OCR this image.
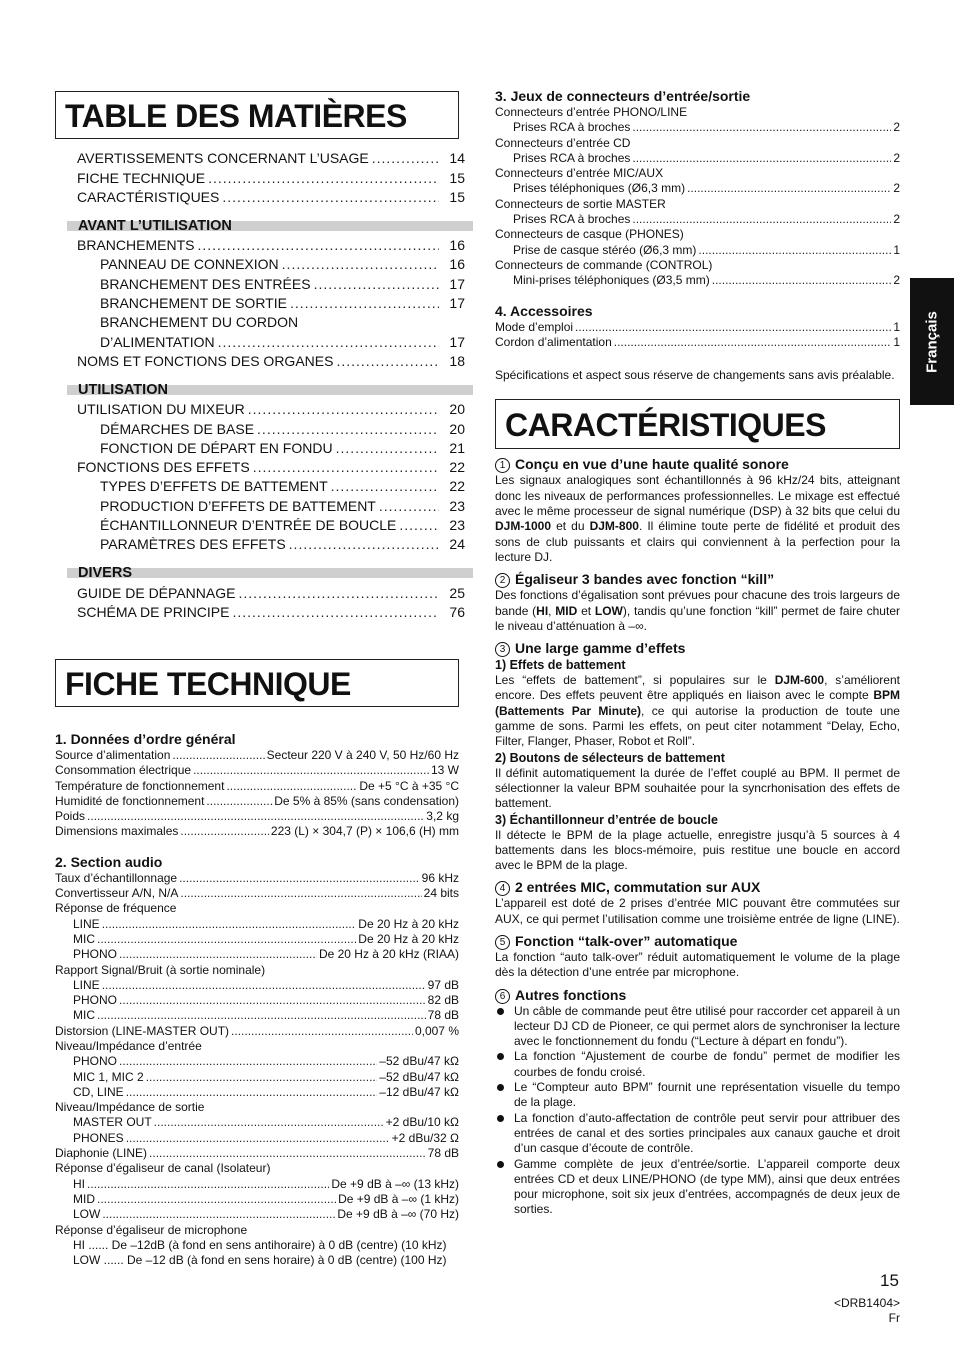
TABLE DES MATIÈRES
AVERTISSEMENTS CONCERNANT L’USAGE .....	14
FICHE TECHNIQUE .....	15
CARACTÉRISTIQUES .....	15
AVANT L’UTILISATION
BRANCHEMENTS .....	16
PANNEAU DE CONNEXION .....	16
BRANCHEMENT DES ENTRÉES .....	17
BRANCHEMENT DE SORTIE .....	17
BRANCHEMENT DU CORDON
D’ALIMENTATION .....	17
NOMS ET FONCTIONS DES ORGANES .....	18
UTILISATION
UTILISATION DU MIXEUR .....	20
DÉMARCHES DE BASE .....	20
FONCTION DE DÉPART EN FONDU .....	21
FONCTIONS DES EFFETS .....	22
TYPES D’EFFETS DE BATTEMENT .....	22
PRODUCTION D’EFFETS DE BATTEMENT .....	23
ÉCHANTILLONNEUR D’ENTRÉE DE BOUCLE .....	23
PARAMÈTRES DES EFFETS .....	24
DIVERS
GUIDE DE DÉPANNAGE .....	25
SCHÉMA DE PRINCIPE .....	76
FICHE TECHNIQUE
1. Données d’ordre général
Source d’alimentation .....	Secteur 220 V à 240 V, 50 Hz/60 Hz
Consommation électrique .....	13 W
Température de fonctionnement .....	De +5 °C à +35 °C
Humidité de fonctionnement .....	De 5% à 85% (sans condensation)
Poids .....	3,2 kg
Dimensions maximales .....	223 (L) × 304,7 (P) × 106,6 (H) mm
2. Section audio
Taux d’échantillonnage .....	96 kHz
Convertisseur A/N, N/A .....	24 bits
Réponse de fréquence
LINE .....	De 20 Hz à 20 kHz
MIC .....	De 20 Hz à 20 kHz
PHONO .....	De 20 Hz à 20 kHz (RIAA)
Rapport Signal/Bruit (à sortie nominale)
LINE .....	97 dB
PHONO .....	82 dB
MIC .....	78 dB
Distorsion (LINE-MASTER OUT) .....	0,007 %
Niveau/Impédance d’entrée
PHONO .....	–52 dBu/47 kΩ
MIC 1, MIC 2 .....	–52 dBu/47 kΩ
CD, LINE .....	–12 dBu/47 kΩ
Niveau/Impédance de sortie
MASTER OUT .....	+2 dBu/10 kΩ
PHONES .....	+2 dBu/32 Ω
Diaphonie (LINE) .....	78 dB
Réponse d’égaliseur de canal (Isolateur)
HI .....	De +9 dB à –∞ (13 kHz)
MID .....	De +9 dB à –∞ (1 kHz)
LOW .....	De +9 dB à –∞ (70 Hz)
Réponse d’égaliseur de microphone
HI ...... De –12dB (à fond en sens antihoraire) à 0 dB (centre) (10 kHz)
LOW ...... De –12 dB (à fond en sens horaire) à 0 dB (centre) (100 Hz)
3. Jeux de connecteurs d’entrée/sortie
Connecteurs d’entrée PHONO/LINE
Prises RCA à broches .....	2
Connecteurs d’entrée CD
Prises RCA à broches .....	2
Connecteurs d’entrée MIC/AUX
Prises téléphoniques (Ø6,3 mm) .....	2
Connecteurs de sortie MASTER
Prises RCA à broches .....	2
Connecteurs de casque (PHONES)
Prise de casque stéréo (Ø6,3 mm) .....	1
Connecteurs de commande (CONTROL)
Mini-prises téléphoniques (Ø3,5 mm) .....	2
4. Accessoires
Mode d’emploi .....	1
Cordon d’alimentation .....	1
Spécifications et aspect sous réserve de changements sans avis préalable.
CARACTÉRISTIQUES
1 Conçu en vue d’une haute qualité sonore
Les signaux analogiques sont échantillonnés à 96 kHz/24 bits, atteignant donc les niveaux de performances professionnelles. Le mixage est effectué avec le même processeur de signal numérique (DSP) à 32 bits que celui du DJM-1000 et du DJM-800. Il élimine toute perte de fidélité et produit des sons de club puissants et clairs qui conviennent à la perfection pour la lecture DJ.
2 Égaliseur 3 bandes avec fonction “kill”
Des fonctions d’égalisation sont prévues pour chacune des trois largeurs de bande (HI, MID et LOW), tandis qu’une fonction “kill” permet de faire chuter le niveau d’atténuation à –∞.
3 Une large gamme d’effets
1) Effets de battement
Les “effets de battement”, si populaires sur le DJM-600, s’améliorent encore. Des effets peuvent être appliqués en liaison avec le compte BPM (Battements Par Minute), ce qui autorise la production de toute une gamme de sons. Parmi les effets, on peut citer notamment “Delay, Echo, Filter, Flanger, Phaser, Robot et Roll”.
2) Boutons de sélecteurs de battement
Il définit automatiquement la durée de l’effet couplé au BPM. Il permet de sélectionner la valeur BPM souhaitée pour la syncrhonisation des effets de battement.
3) Échantillonneur d’entrée de boucle
Il détecte le BPM de la plage actuelle, enregistre jusqu’à 5 sources à 4 battements dans les blocs-mémoire, puis restitue une boucle en accord avec le BPM de la plage.
4 2 entrées MIC, commutation sur AUX
L’appareil est doté de 2 prises d’entrée MIC pouvant être commutées sur AUX, ce qui permet l’utilisation comme une troisième entrée de ligne (LINE).
5 Fonction “talk-over” automatique
La fonction “auto talk-over” réduit automatiquement le volume de la plage dès la détection d’une entrée par microphone.
6 Autres fonctions
Un câble de commande peut être utilisé pour raccorder cet appareil à un lecteur DJ CD de Pioneer, ce qui permet alors de synchroniser la lecture avec le fonctionnement du fondu (“Lecture à départ en fondu”).
La fonction “Ajustement de courbe de fondu” permet de modifier les courbes de fondu croisé.
Le “Compteur auto BPM” fournit une représentation visuelle du tempo de la plage.
La fonction d’auto-affectation de contrôle peut servir pour attribuer des entrées de canal et des sorties principales aux canaux gauche et droit d’un casque d’écoute de contrôle.
Gamme complète de jeux d’entrée/sortie. L’appareil comporte deux entrées CD et deux LINE/PHONO (de type MM), ainsi que deux entrées pour microphone, soit six jeux d’entrées, accompagnés de deux jeux de sorties.
Français
15
<DRB1404>
Fr
